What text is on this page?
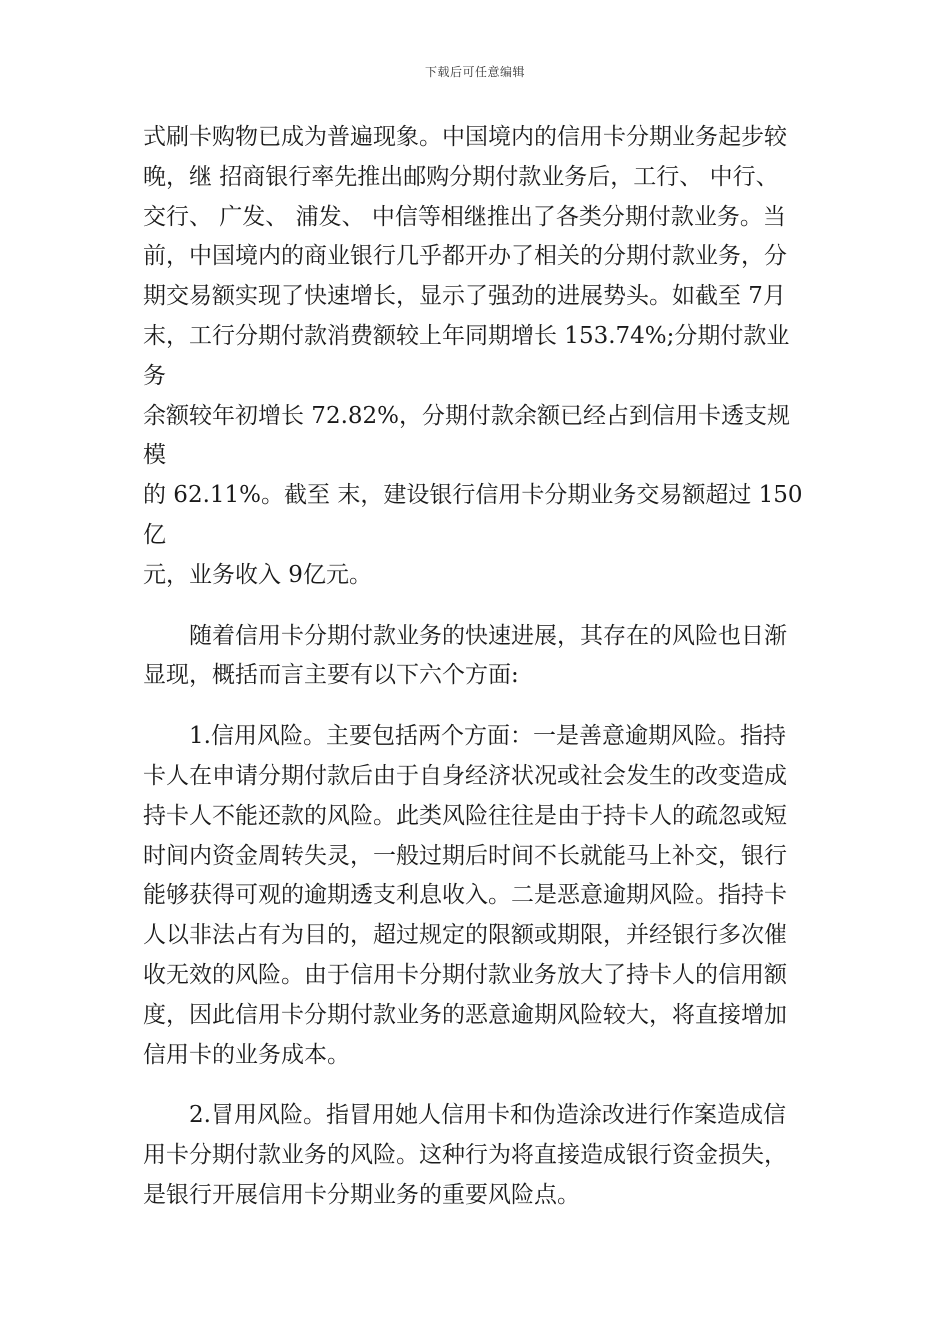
下载后可任意编辑
式刷卡购物已成为普遍现象。中国境内的信用卡分期业务起步较
晚，继 招商银行率先推出邮购分期付款业务后，工行、 中行、
交行、 广发、 浦发、 中信等相继推出了各类分期付款业务。当
前，中国境内的商业银行几乎都开办了相关的分期付款业务，分
期交易额实现了快速增长，显示了强劲的进展势头。如截至 7月
末，工行分期付款消费额较上年同期增长 153.74%;分期付款业务
余额较年初增长 72.82%，分期付款余额已经占到信用卡透支规模
的 62.11%。截至 末，建设银行信用卡分期业务交易额超过 150亿
元，业务收入 9亿元。
随着信用卡分期付款业务的快速进展，其存在的风险也日渐
显现，概括而言主要有以下六个方面:
1.信用风险。主要包括两个方面：一是善意逾期风险。指持
卡人在申请分期付款后由于自身经济状况或社会发生的改变造成
持卡人不能还款的风险。此类风险往往是由于持卡人的疏忽或短
时间内资金周转失灵，一般过期后时间不长就能马上补交，银行
能够获得可观的逾期透支利息收入。二是恶意逾期风险。指持卡
人以非法占有为目的，超过规定的限额或期限，并经银行多次催
收无效的风险。由于信用卡分期付款业务放大了持卡人的信用额
度，因此信用卡分期付款业务的恶意逾期风险较大，将直接增加
信用卡的业务成本。
2.冒用风险。指冒用她人信用卡和伪造涂改进行作案造成信
用卡分期付款业务的风险。这种行为将直接造成银行资金损失，
是银行开展信用卡分期业务的重要风险点。
